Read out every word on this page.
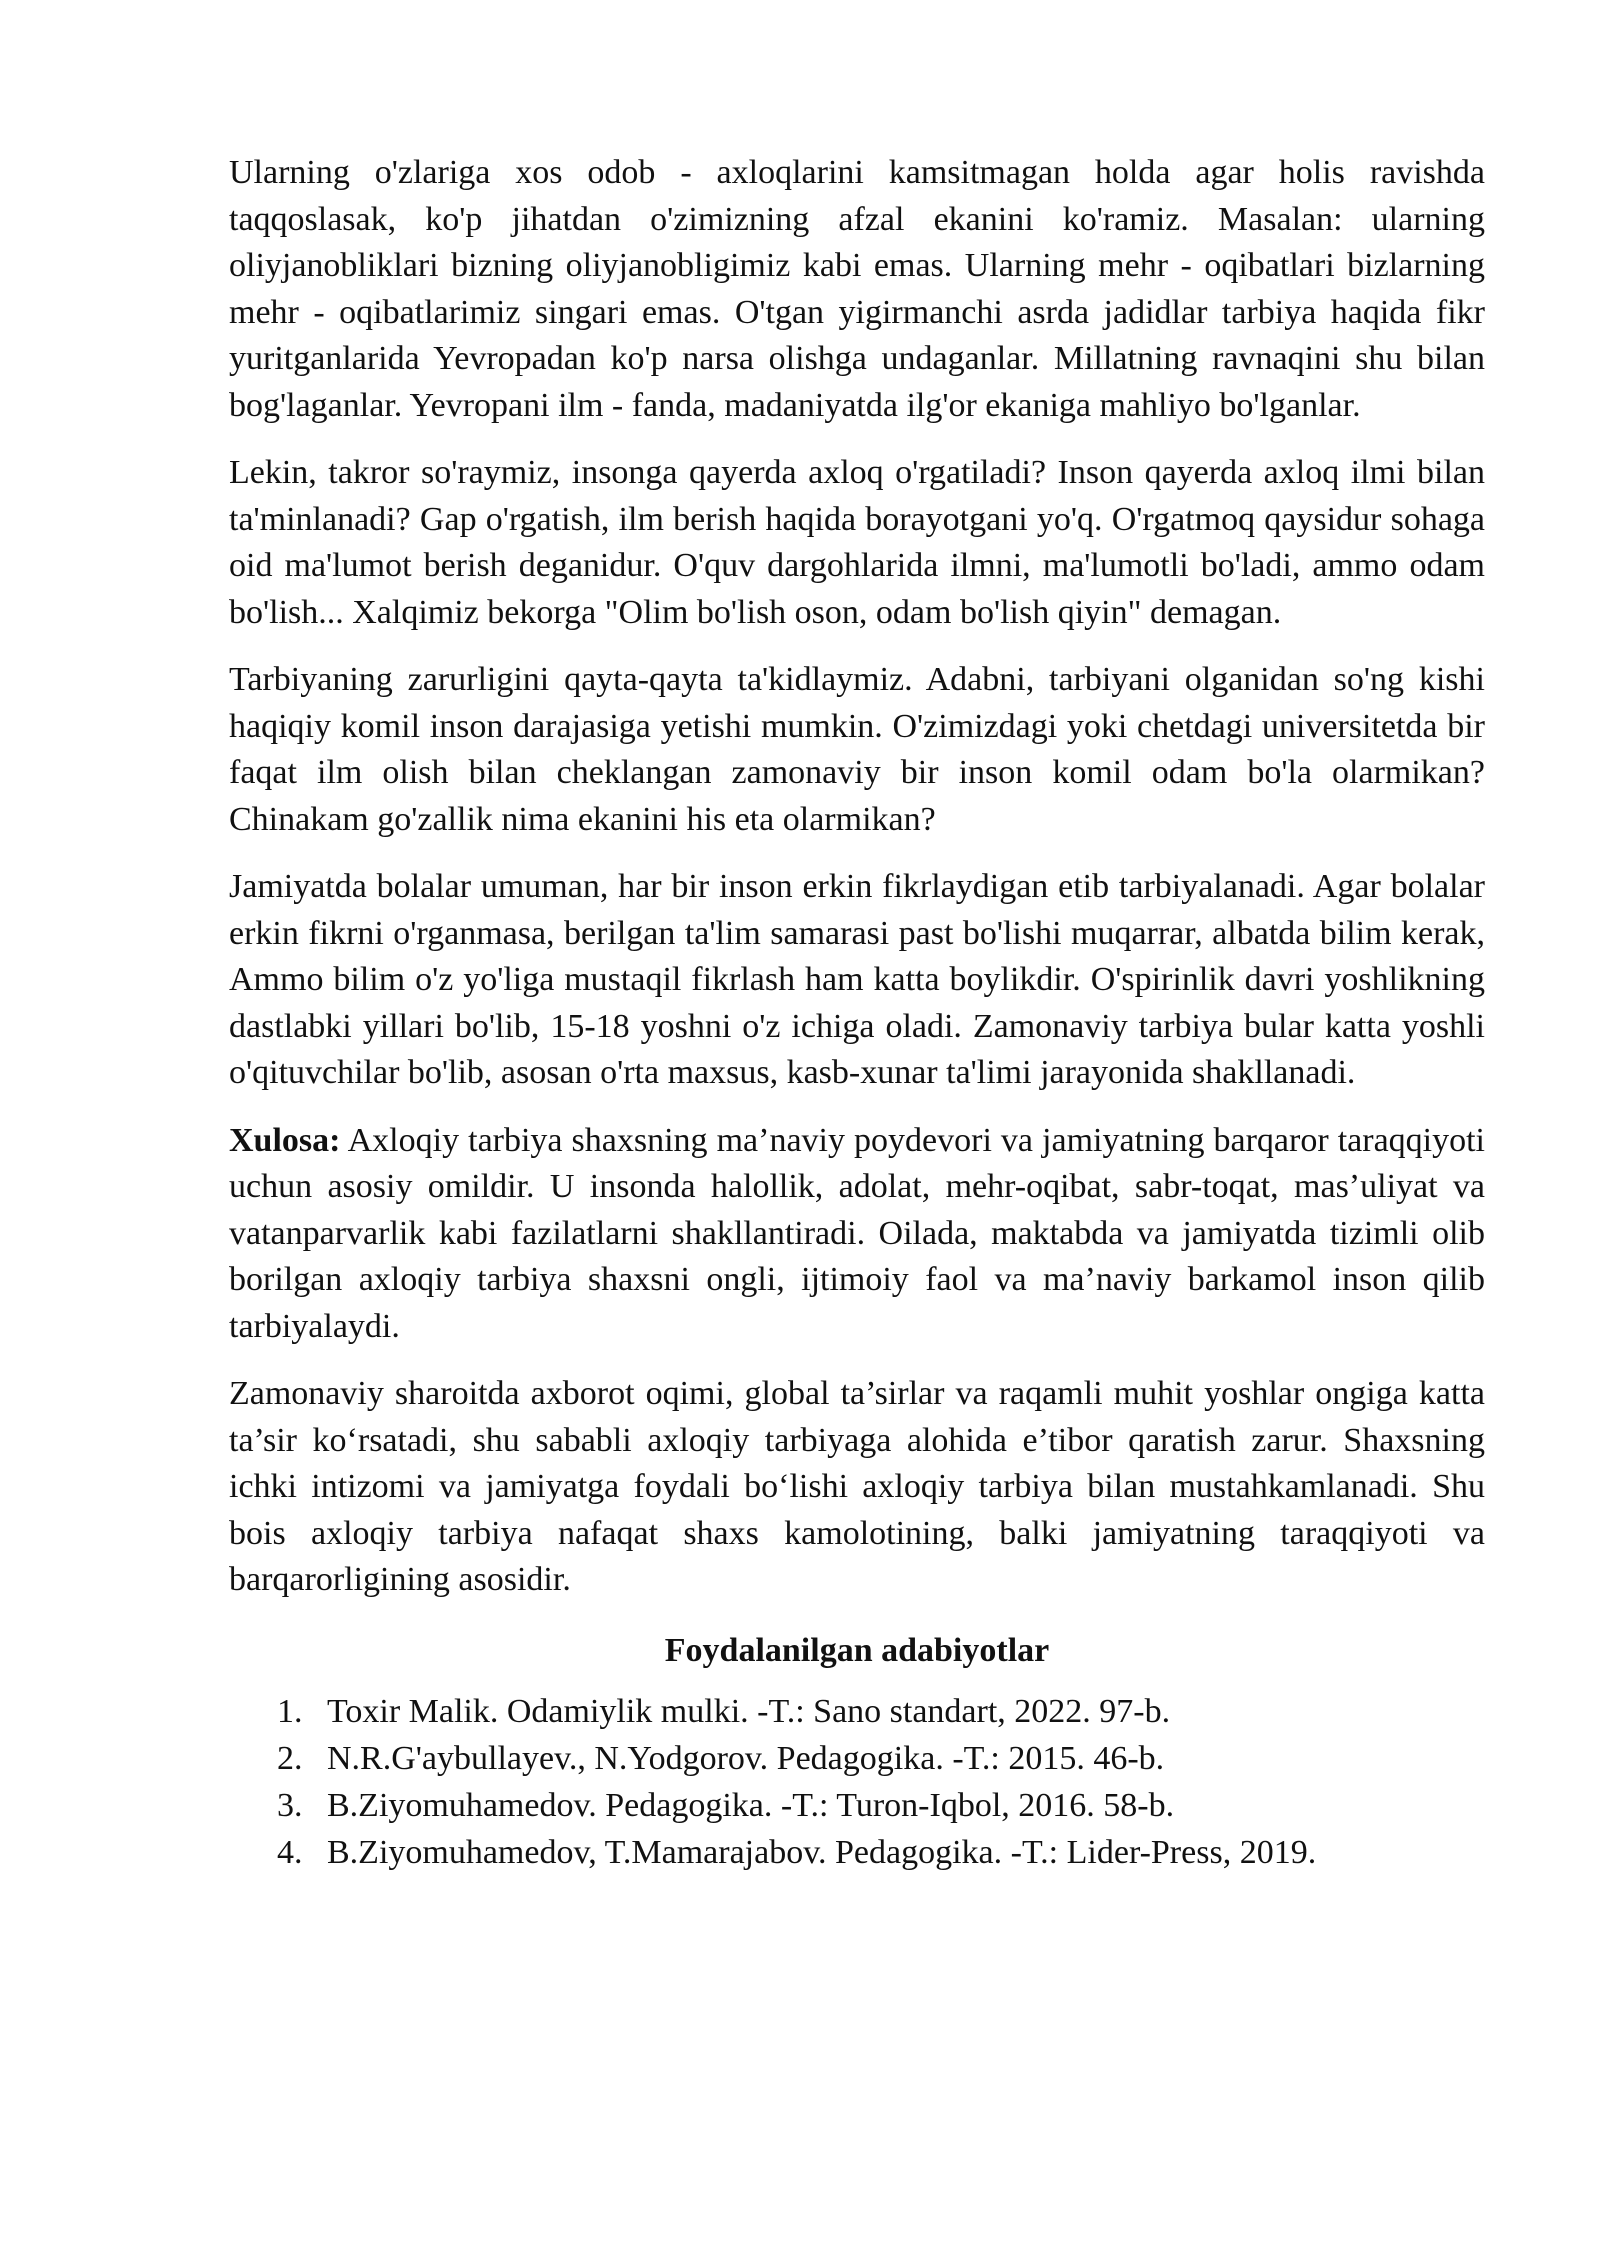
Ularning o'zlariga xos odob - axloqlarini kamsitmagan holda agar holis ravishda taqqoslasak, ko'p jihatdan o'zimizning afzal ekanini ko'ramiz. Masalan: ularning oliyjanobliklari bizning oliyjanobligimiz kabi emas. Ularning mehr - oqibatlari bizlarning mehr - oqibatlarimiz singari emas. O'tgan yigirmanchi asrda jadidlar tarbiya haqida fikr yuritganlarida Yevropadan ko'p narsa olishga undaganlar. Millatning ravnaqini shu bilan bog'laganlar. Yevropani ilm - fanda, madaniyatda ilg'or ekaniga mahliyo bo'lganlar.

Lekin, takror so'raymiz, insonga qayerda axloq o'rgatiladi? Inson qayerda axloq ilmi bilan ta'minlanadi? Gap o'rgatish, ilm berish haqida borayotgani yo'q. O'rgatmoq qaysidur sohaga oid ma'lumot berish deganidur. O'quv dargohlarida ilmni, ma'lumotli bo'ladi, ammo odam bo'lish... Xalqimiz bekorga "Olim bo'lish oson, odam bo'lish qiyin" demagan.

Tarbiyaning zarurligini qayta-qayta ta'kidlaymiz. Adabni, tarbiyani olganidan so'ng kishi haqiqiy komil inson darajasiga yetishi mumkin. O'zimizdagi yoki chetdagi universitetda bir faqat ilm olish bilan cheklangan zamonaviy bir inson komil odam bo'la olarmikan? Chinakam go'zallik nima ekanini his eta olarmikan?

Jamiyatda bolalar umuman, har bir inson erkin fikrlaydigan etib tarbiyalanadi. Agar bolalar erkin fikrni o'rganmasa, berilgan ta'lim samarasi past bo'lishi muqarrar, albatda bilim kerak, Ammo bilim o'z yo'liga mustaqil fikrlash ham katta boylikdir. O'spirinlik davri yoshlikning dastlabki yillari bo'lib, 15-18 yoshni o'z ichiga oladi. Zamonaviy tarbiya bular katta yoshli o'qituvchilar bo'lib, asosan o'rta maxsus, kasb-xunar ta'limi jarayonida shakllanadi.

Xulosa: Axloqiy tarbiya shaxsning ma’naviy poydevori va jamiyatning barqaror taraqqiyoti uchun asosiy omildir. U insonda halollik, adolat, mehr-oqibat, sabr-toqat, mas’uliyat va vatanparvarlik kabi fazilatlarni shakllantiradi. Oilada, maktabda va jamiyatda tizimli olib borilgan axloqiy tarbiya shaxsni ongli, ijtimoiy faol va ma’naviy barkamol inson qilib tarbiyalaydi.

Zamonaviy sharoitda axborot oqimi, global ta’sirlar va raqamli muhit yoshlar ongiga katta ta’sir ko‘rsatadi, shu sababli axloqiy tarbiyaga alohida e’tibor qaratish zarur. Shaxsning ichki intizomi va jamiyatga foydali bo‘lishi axloqiy tarbiya bilan mustahkamlanadi. Shu bois axloqiy tarbiya nafaqat shaxs kamolotining, balki jamiyatning taraqqiyoti va barqarorligining asosidir.

Foydalanilgan adabiyotlar
1. Toxir Malik. Odamiylik mulki. -T.: Sano standart, 2022. 97-b.
2. N.R.G'aybullayev., N.Yodgorov. Pedagogika. -T.: 2015. 46-b.
3. B.Ziyomuhamedov. Pedagogika. -T.: Turon-Iqbol, 2016. 58-b.
4. B.Ziyomuhamedov, T.Mamarajabov. Pedagogika. -T.: Lider-Press, 2019.
